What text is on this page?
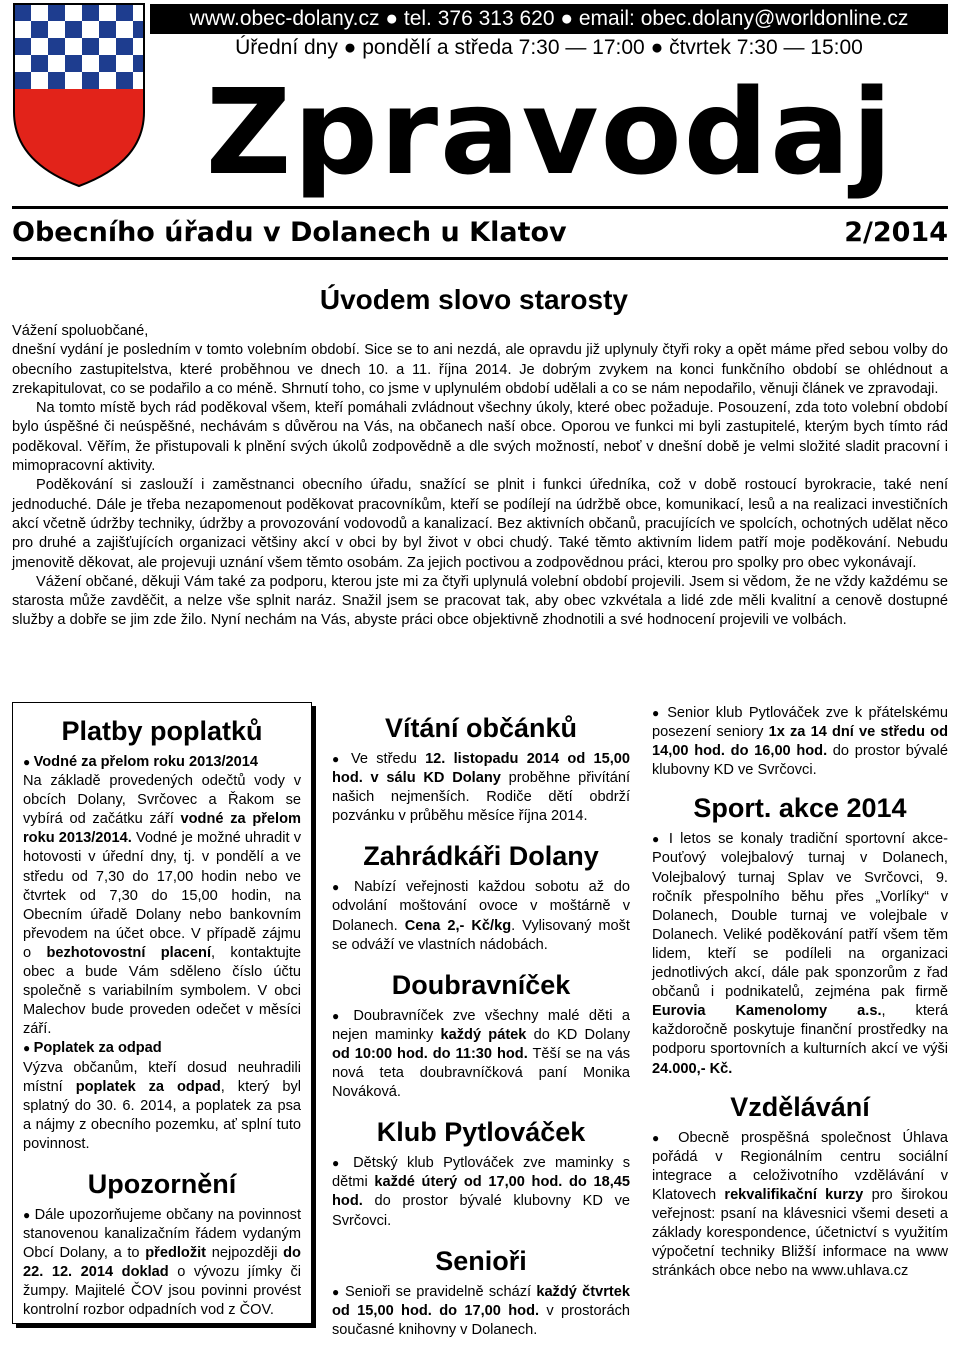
www.obec-dolany.cz ● tel. 376 313 620 ● email: obec.dolany@worldonline.cz
Úřední dny ● pondělí a středa 7:30 — 17:00 ● čtvrtek 7:30 — 15:00
Zpravodaj
Obecního úřadu v Dolanech u Klatov	2/2014
Úvodem slovo starosty

Vážení spoluobčané,

dnešní vydání je posledním v tomto volebním období. Sice se to ani nezdá, ale opravdu již uplynuly čtyři roky a opět máme před sebou volby do obecního zastupitelstva, které proběhnou ve dnech 10. a 11. října 2014. Je dobrým zvykem na konci funkčního období se ohlédnout a zrekapitulovat, co se podařilo a co méně. Shrnutí toho, co jsme v uplynulém období udělali a co se nám nepodařilo, věnuji článek ve zpravodaji.

Na tomto místě bych rád poděkoval všem, kteří pomáhali zvládnout všechny úkoly, které obec požaduje. Posouzení, zda toto volební období bylo úspěšné či neúspěšné, nechávám s důvěrou na Vás, na občanech naší obce. Oporou ve funkci mi byli zastupitelé, kterým bych tímto rád poděkoval. Věřím, že přistupovali k plnění svých úkolů zodpovědně a dle svých možností, neboť v dnešní době je velmi složité sladit pracovní i mimopracovní aktivity.

Poděkování si zaslouží i zaměstnanci obecního úřadu, snažící se plnit i funkci úředníka, což v době rostoucí byrokracie, také není jednoduché. Dále je třeba nezapomenout poděkovat pracovníkům, kteří se podílejí na údržbě obce, komunikací, lesů a na realizaci investičních akcí včetně údržby techniky, údržby a provozování vodovodů a kanalizací. Bez aktivních občanů, pracujících ve spolcích, ochotných udělat něco pro druhé a zajišťujících organizaci většiny akcí v obci by byl život v obci chudý. Také těmto aktivním lidem patří moje poděkování. Nebudu jmenovitě děkovat, ale projevuji uznání všem těmto osobám. Za jejich poctivou a zodpovědnou práci, kterou pro spolky pro obec vykonávají.

Vážení občané, děkuji Vám také za podporu, kterou jste mi za čtyři uplynulá volební období projevili. Jsem si vědom, že ne vždy každému se starosta může zavděčit, a nelze vše splnit naráz. Snažil jsem se pracovat tak, aby obec vzkvétala a lidé zde měli kvalitní a cenově dostupné služby a dobře se jim zde žilo. Nyní nechám na Vás, abyste práci obce objektivně zhodnotili a své hodnocení projevili ve volbách.

Platby poplatků

● Vodné za přelom roku 2013/2014

Na základě provedených odečtů vody v obcích Dolany, Svrčovec a Řakom se vybírá od začátku září vodné za přelom roku 2013/2014. Vodné je možné uhradit v hotovosti v úřední dny, tj. v pondělí a ve středu od 7,30 do 17,00 hodin nebo ve čtvrtek od 7,30 do 15,00 hodin, na Obecním úřadě Dolany nebo bankovním převodem na účet obce. V případě zájmu o bezhotovostní placení, kontaktujte obec a bude Vám sděleno číslo účtu společně s variabilním symbolem. V obci Malechov bude proveden odečet v měsíci září.

● Poplatek za odpad

Výzva občanům, kteří dosud neuhradili místní poplatek za odpad, který byl splatný do 30. 6. 2014, a poplatek za psa a nájmy z obecního pozemku, ať splní tuto povinnost.

Upozornění

● Dále upozorňujeme občany na povinnost stanovenou kanalizačním řádem vydaným Obcí Dolany, a to předložit nejpozději do 22. 12. 2014 doklad o vývozu jímky či žumpy. Majitelé ČOV jsou povinni provést kontrolní rozbor odpadních vod z ČOV.

Vítání občánků

● Ve středu 12. listopadu 2014 od 15,00 hod. v sálu KD Dolany proběhne přivítání našich nejmenších. Rodiče dětí obdrží pozvánku v průběhu měsíce října 2014.

Zahrádkáři Dolany

● Nabízí veřejnosti každou sobotu až do odvolání moštování ovoce v moštárně v Dolanech. Cena 2,- Kč/kg. Vylisovaný mošt se odváží ve vlastních nádobách.

Doubravníček

● Doubravníček zve všechny malé děti a nejen maminky každý pátek do KD Dolany od 10:00 hod. do 11:30 hod. Těší se na vás nová teta doubravníčková paní Monika Nováková.

Klub Pytlováček

● Dětský klub Pytlováček zve maminky s dětmi každé úterý od 17,00 hod. do 18,45 hod. do prostor bývalé klubovny KD ve Svrčovci.

Senioři

● Senioři se pravidelně schází každý čtvrtek od 15,00 hod. do 17,00 hod. v prostorách současné knihovny v Dolanech.

● Senior klub Pytlováček zve k přátelskému posezení seniory 1x za 14 dní ve středu od 14,00 hod. do 16,00 hod. do prostor bývalé klubovny KD ve Svrčovci.

Sport. akce 2014

● I letos se konaly tradiční sportovní akce-Pouťový volejbalový turnaj v Dolanech, Volejbalový turnaj Splav ve Svrčovci, 9. ročník přespolního běhu přes „Vorlíky“ v Dolanech, Double turnaj ve volejbale v Dolanech. Veliké poděkování patří všem těm lidem, kteří se podíleli na organizaci jednotlivých akcí, dále pak sponzorům z řad občanů i podnikatelů, zejména pak firmě Eurovia Kamenolomy a.s., která každoročně poskytuje finanční prostředky na podporu sportovních a kulturních akcí ve výši 24.000,- Kč.

Vzdělávání

● Obecně prospěšná společnost Úhlava pořádá v Regionálním centru sociální integrace a celoživotního vzdělávání v Klatovech rekvalifikační kurzy pro širokou veřejnost: psaní na klávesnici všemi deseti a základy korespondence, účetnictví s využitím výpočetní techniky Bližší informace na www stránkách obce nebo na www.uhlava.cz
